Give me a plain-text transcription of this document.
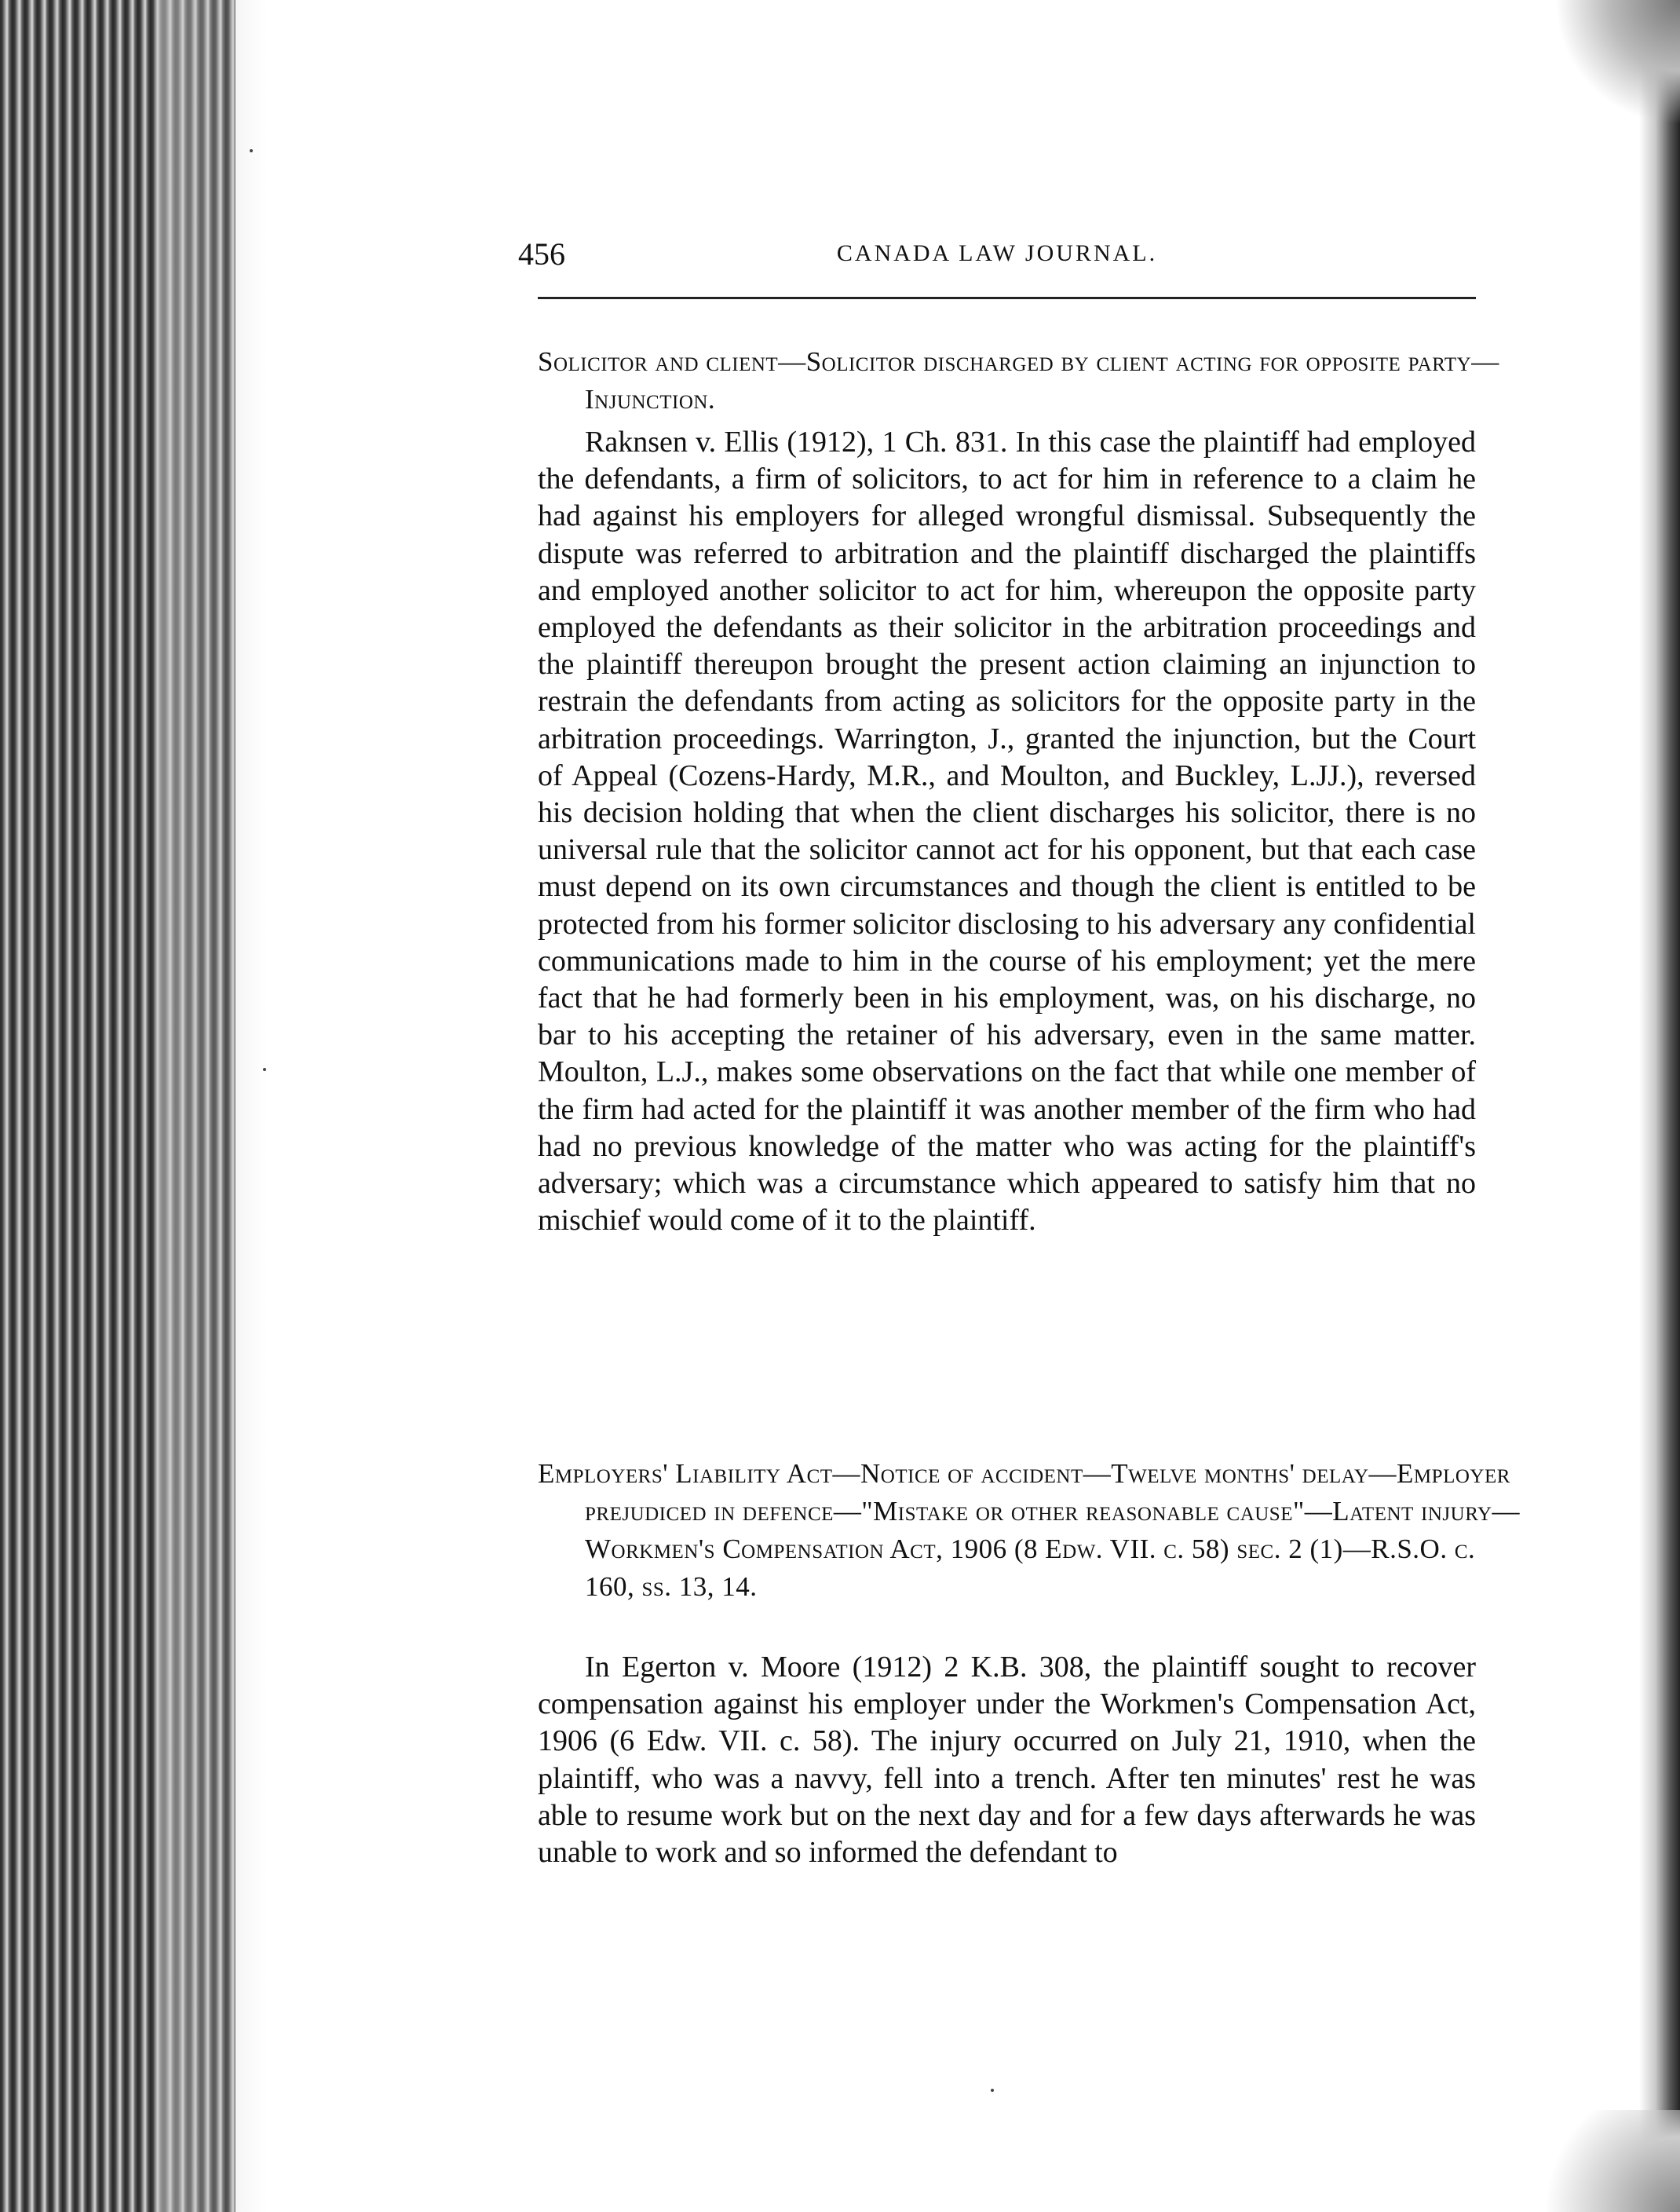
456	CANADA LAW JOURNAL.
Solicitor and client—Solicitor discharged by client acting for opposite party—Injunction.
Raknsen v. Ellis (1912), 1 Ch. 831. In this case the plaintiff had employed the defendants, a firm of solicitors, to act for him in reference to a claim he had against his employers for alleged wrongful dismissal. Subsequently the dispute was referred to arbitration and the plaintiff discharged the plaintiffs and employed another solicitor to act for him, whereupon the opposite party employed the defendants as their solicitor in the arbitration proceedings and the plaintiff thereupon brought the present action claiming an injunction to restrain the defendants from acting as solicitors for the opposite party in the arbitration proceedings. Warrington, J., granted the injunction, but the Court of Appeal (Cozens-Hardy, M.R., and Moulton, and Buckley, L.JJ.), reversed his decision holding that when the client discharges his solicitor, there is no universal rule that the solicitor cannot act for his opponent, but that each case must depend on its own circumstances and though the client is entitled to be protected from his former solicitor disclosing to his adversary any confidential communications made to him in the course of his employment; yet the mere fact that he had formerly been in his employment, was, on his discharge, no bar to his accepting the retainer of his adversary, even in the same matter. Moulton, L.J., makes some observations on the fact that while one member of the firm had acted for the plaintiff it was another member of the firm who had had no previous knowledge of the matter who was acting for the plaintiff's adversary; which was a circumstance which appeared to satisfy him that no mischief would come of it to the plaintiff.
Employers' Liability Act—Notice of accident—Twelve months' delay—Employer prejudiced in defence—"Mistake or other reasonable cause"—Latent injury—Workmen's Compensation Act, 1906 (8 Edw. VII. c. 58) sec. 2 (1)—R.S.O. c. 160, ss. 13, 14.
In Egerton v. Moore (1912) 2 K.B. 308, the plaintiff sought to recover compensation against his employer under the Workmen's Compensation Act, 1906 (6 Edw. VII. c. 58). The injury occurred on July 21, 1910, when the plaintiff, who was a navvy, fell into a trench. After ten minutes' rest he was able to resume work but on the next day and for a few days afterwards he was unable to work and so informed the defendant to
